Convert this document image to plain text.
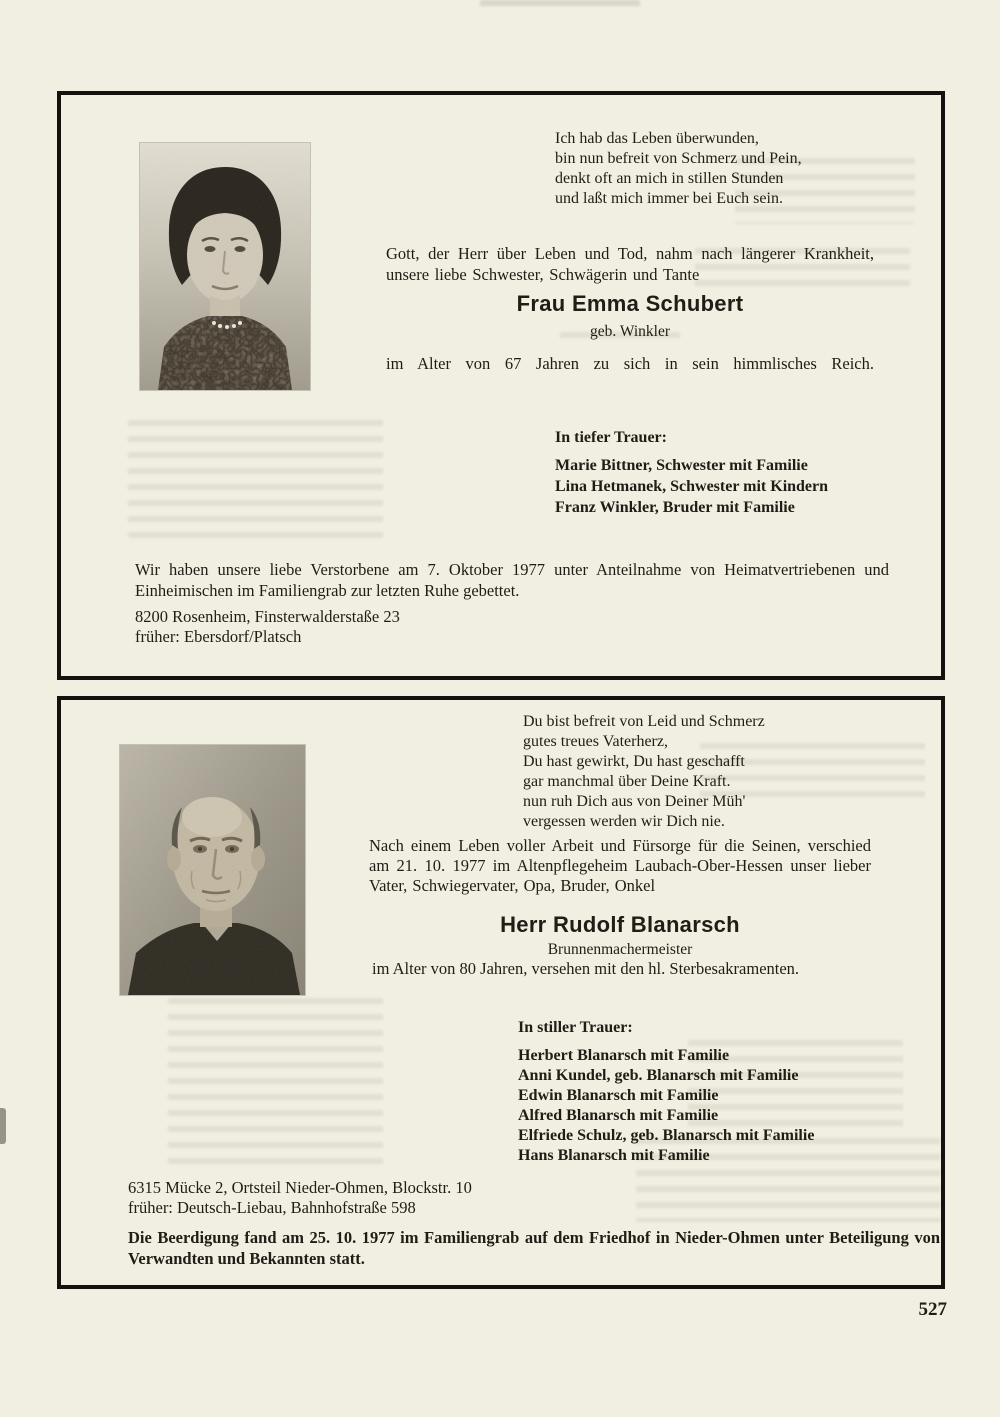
Ich hab das Leben überwunden,
bin nun befreit von Schmerz und Pein,
denkt oft an mich in stillen Stunden
und laßt mich immer bei Euch sein.

Gott, der Herr über Leben und Tod, nahm nach längerer Krankheit, unsere liebe Schwester, Schwägerin und Tante

Frau Emma Schubert
geb. Winkler

im Alter von 67 Jahren zu sich in sein himmlisches Reich.

In tiefer Trauer:
Marie Bittner, Schwester mit Familie
Lina Hetmanek, Schwester mit Kindern
Franz Winkler, Bruder mit Familie

Wir haben unsere liebe Verstorbene am 7. Oktober 1977 unter Anteilnahme von Heimatvertriebenen und Einheimischen im Familiengrab zur letzten Ruhe gebettet.

8200 Rosenheim, Finsterwalderstaße 23
früher: Ebersdorf/Platsch
Du bist befreit von Leid und Schmerz
gutes treues Vaterherz,
Du hast gewirkt, Du hast geschafft
gar manchmal über Deine Kraft.
nun ruh Dich aus von Deiner Müh'
vergessen werden wir Dich nie.

Nach einem Leben voller Arbeit und Fürsorge für die Seinen, verschied am 21. 10. 1977 im Altenpflegeheim Laubach-Ober-Hessen unser lieber Vater, Schwiegervater, Opa, Bruder, Onkel

Herr Rudolf Blanarsch
Brunnenmachermeister

im Alter von 80 Jahren, versehen mit den hl. Sterbesakramenten.

In stiller Trauer:
Herbert Blanarsch mit Familie
Anni Kundel, geb. Blanarsch mit Familie
Edwin Blanarsch mit Familie
Alfred Blanarsch mit Familie
Elfriede Schulz, geb. Blanarsch mit Familie
Hans Blanarsch mit Familie
6315 Mücke 2, Ortsteil Nieder-Ohmen, Blockstr. 10
früher: Deutsch-Liebau, Bahnhofstraße 598

Die Beerdigung fand am 25. 10. 1977 im Familiengrab auf dem Friedhof in Nieder-Ohmen unter Beteiligung von Verwandten und Bekannten statt.

527
